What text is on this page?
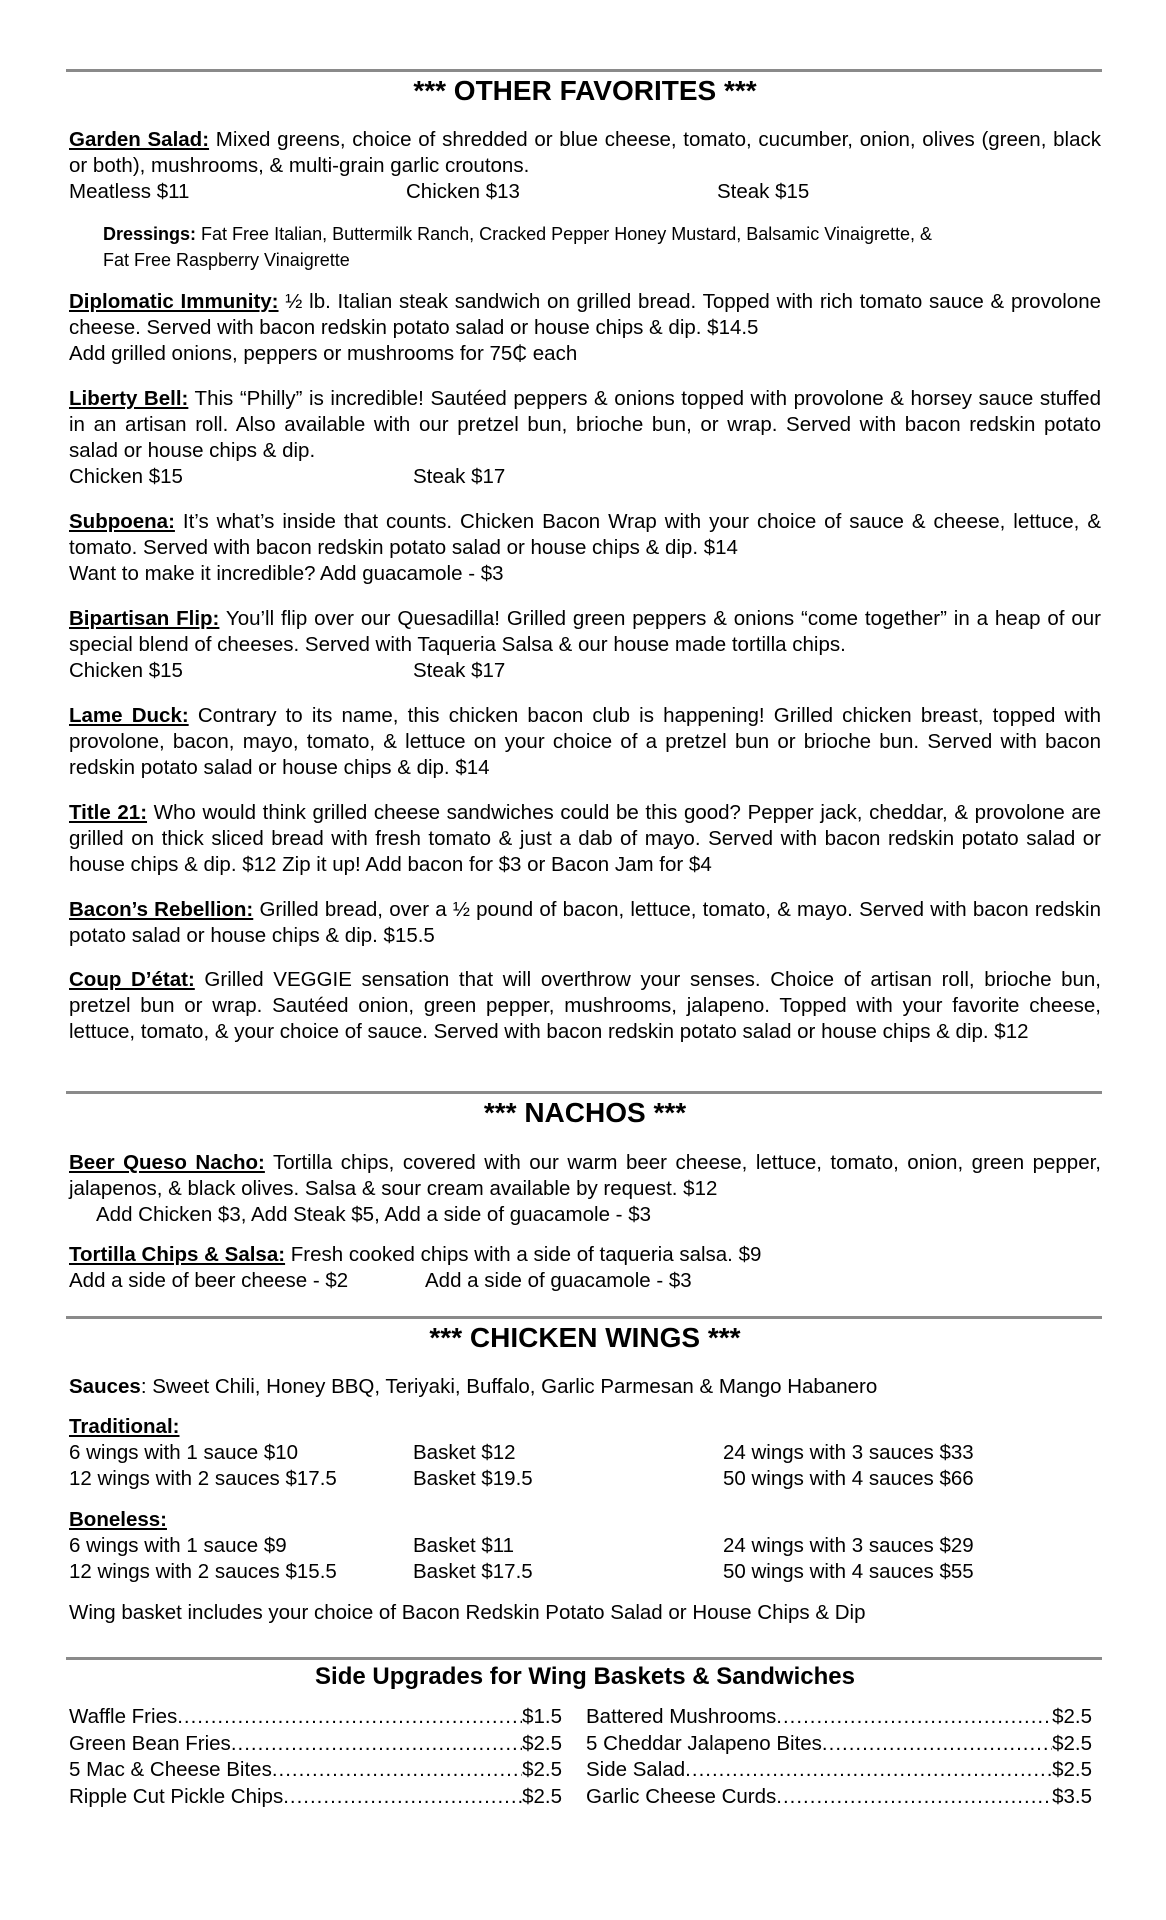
*** OTHER FAVORITES ***

Garden Salad: Mixed greens, choice of shredded or blue cheese, tomato, cucumber, onion, olives (green, black or both), mushrooms, & multi-grain garlic croutons.

Meatless $11	Chicken $13	Steak $15
Dressings: Fat Free Italian, Buttermilk Ranch, Cracked Pepper Honey Mustard, Balsamic Vinaigrette, &
Fat Free Raspberry Vinaigrette

Diplomatic Immunity: ½ lb. Italian steak sandwich on grilled bread. Topped with rich tomato sauce & provolone cheese. Served with bacon redskin potato salad or house chips & dip. $14.5

Add grilled onions, peppers or mushrooms for 75₵ each

Liberty Bell: This “Philly” is incredible! Sautéed peppers & onions topped with provolone & horsey sauce stuffed in an artisan roll. Also available with our pretzel bun, brioche bun, or wrap. Served with bacon redskin potato salad or house chips & dip.

Chicken $15	Steak $17

Subpoena: It’s what’s inside that counts. Chicken Bacon Wrap with your choice of sauce & cheese, lettuce, & tomato. Served with bacon redskin potato salad or house chips & dip. $14

Want to make it incredible? Add guacamole - $3

Bipartisan Flip: You’ll flip over our Quesadilla! Grilled green peppers & onions “come together” in a heap of our special blend of cheeses. Served with Taqueria Salsa & our house made tortilla chips.

Chicken $15	Steak $17

Lame Duck: Contrary to its name, this chicken bacon club is happening! Grilled chicken breast, topped with provolone, bacon, mayo, tomato, & lettuce on your choice of a pretzel bun or brioche bun. Served with bacon redskin potato salad or house chips & dip. $14

Title 21: Who would think grilled cheese sandwiches could be this good? Pepper jack, cheddar, & provolone are grilled on thick sliced bread with fresh tomato & just a dab of mayo. Served with bacon redskin potato salad or house chips & dip. $12 Zip it up! Add bacon for $3 or Bacon Jam for $4

Bacon’s Rebellion: Grilled bread, over a ½ pound of bacon, lettuce, tomato, & mayo. Served with bacon redskin potato salad or house chips & dip. $15.5

Coup D’état: Grilled VEGGIE sensation that will overthrow your senses. Choice of artisan roll, brioche bun, pretzel bun or wrap. Sautéed onion, green pepper, mushrooms, jalapeno. Topped with your favorite cheese, lettuce, tomato, & your choice of sauce. Served with bacon redskin potato salad or house chips & dip. $12

*** NACHOS ***

Beer Queso Nacho: Tortilla chips, covered with our warm beer cheese, lettuce, tomato, onion, green pepper, jalapenos, & black olives. Salsa & sour cream available by request. $12

Add Chicken $3, Add Steak $5, Add a side of guacamole - $3

Tortilla Chips & Salsa: Fresh cooked chips with a side of taqueria salsa. $9

Add a side of beer cheese - $2	Add a side of guacamole - $3
*** CHICKEN WINGS ***

Sauces: Sweet Chili, Honey BBQ, Teriyaki, Buffalo, Garlic Parmesan & Mango Habanero

Traditional:

6 wings with 1 sauce $10	Basket $12	24 wings with 3 sauces $33
12 wings with 2 sauces $17.5	Basket $19.5	50 wings with 4 sauces $66

Boneless:

6 wings with 1 sauce $9	Basket $11	24 wings with 3 sauces $29
12 wings with 2 sauces $15.5	Basket $17.5	50 wings with 4 sauces $55

Wing basket includes your choice of Bacon Redskin Potato Salad or House Chips & Dip

Side Upgrades for Wing Baskets & Sandwiches
Waffle Fries .....	$1.5
Green Bean Fries .....	$2.5
5 Mac & Cheese Bites .....	$2.5
Ripple Cut Pickle Chips .....	$2.5
Battered Mushrooms .....	$2.5
5 Cheddar Jalapeno Bites .....	$2.5
Side Salad .....	$2.5
Garlic Cheese Curds .....	$3.5
